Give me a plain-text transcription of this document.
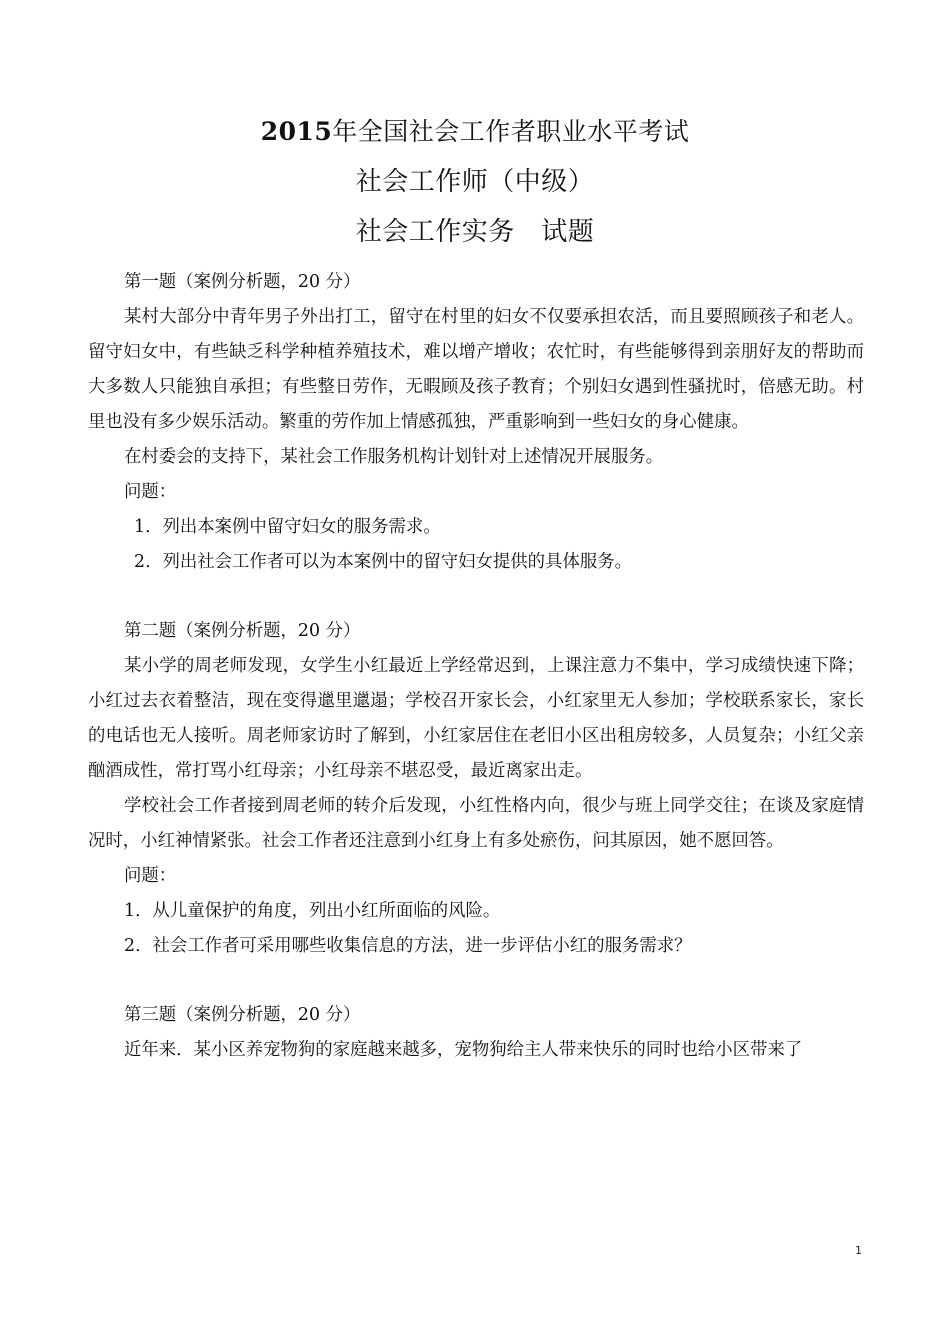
2015年全国社会工作者职业水平考试
社会工作师（中级）
社会工作实务　试题

第一题（案例分析题，20 分）

某村大部分中青年男子外出打工，留守在村里的妇女不仅要承担农活，而且要照顾孩子和老人。留守妇女中，有些缺乏科学种植养殖技术，难以增产增收；农忙时，有些能够得到亲朋好友的帮助而大多数人只能独自承担；有些整日劳作，无暇顾及孩子教育；个别妇女遇到性骚扰时，倍感无助。村里也没有多少娱乐活动。繁重的劳作加上情感孤独，严重影响到一些妇女的身心健康。

在村委会的支持下，某社会工作服务机构计划针对上述情况开展服务。

问题：

1．列出本案例中留守妇女的服务需求。

2．列出社会工作者可以为本案例中的留守妇女提供的具体服务。

第二题（案例分析题，20 分）

某小学的周老师发现，女学生小红最近上学经常迟到，上课注意力不集中，学习成绩快速下降；小红过去衣着整洁，现在变得邋里邋遢；学校召开家长会，小红家里无人参加；学校联系家长，家长的电话也无人接听。周老师家访时了解到，小红家居住在老旧小区出租房较多，人员复杂；小红父亲酗酒成性，常打骂小红母亲；小红母亲不堪忍受，最近离家出走。

学校社会工作者接到周老师的转介后发现，小红性格内向，很少与班上同学交往；在谈及家庭情况时，小红神情紧张。社会工作者还注意到小红身上有多处瘀伤，问其原因，她不愿回答。

问题：

1．从儿童保护的角度，列出小红所面临的风险。

2．社会工作者可采用哪些收集信息的方法，进一步评估小红的服务需求？

第三题（案例分析题，20 分）

近年来．某小区养宠物狗的家庭越来越多，宠物狗给主人带来快乐的同时也给小区带来了

1
